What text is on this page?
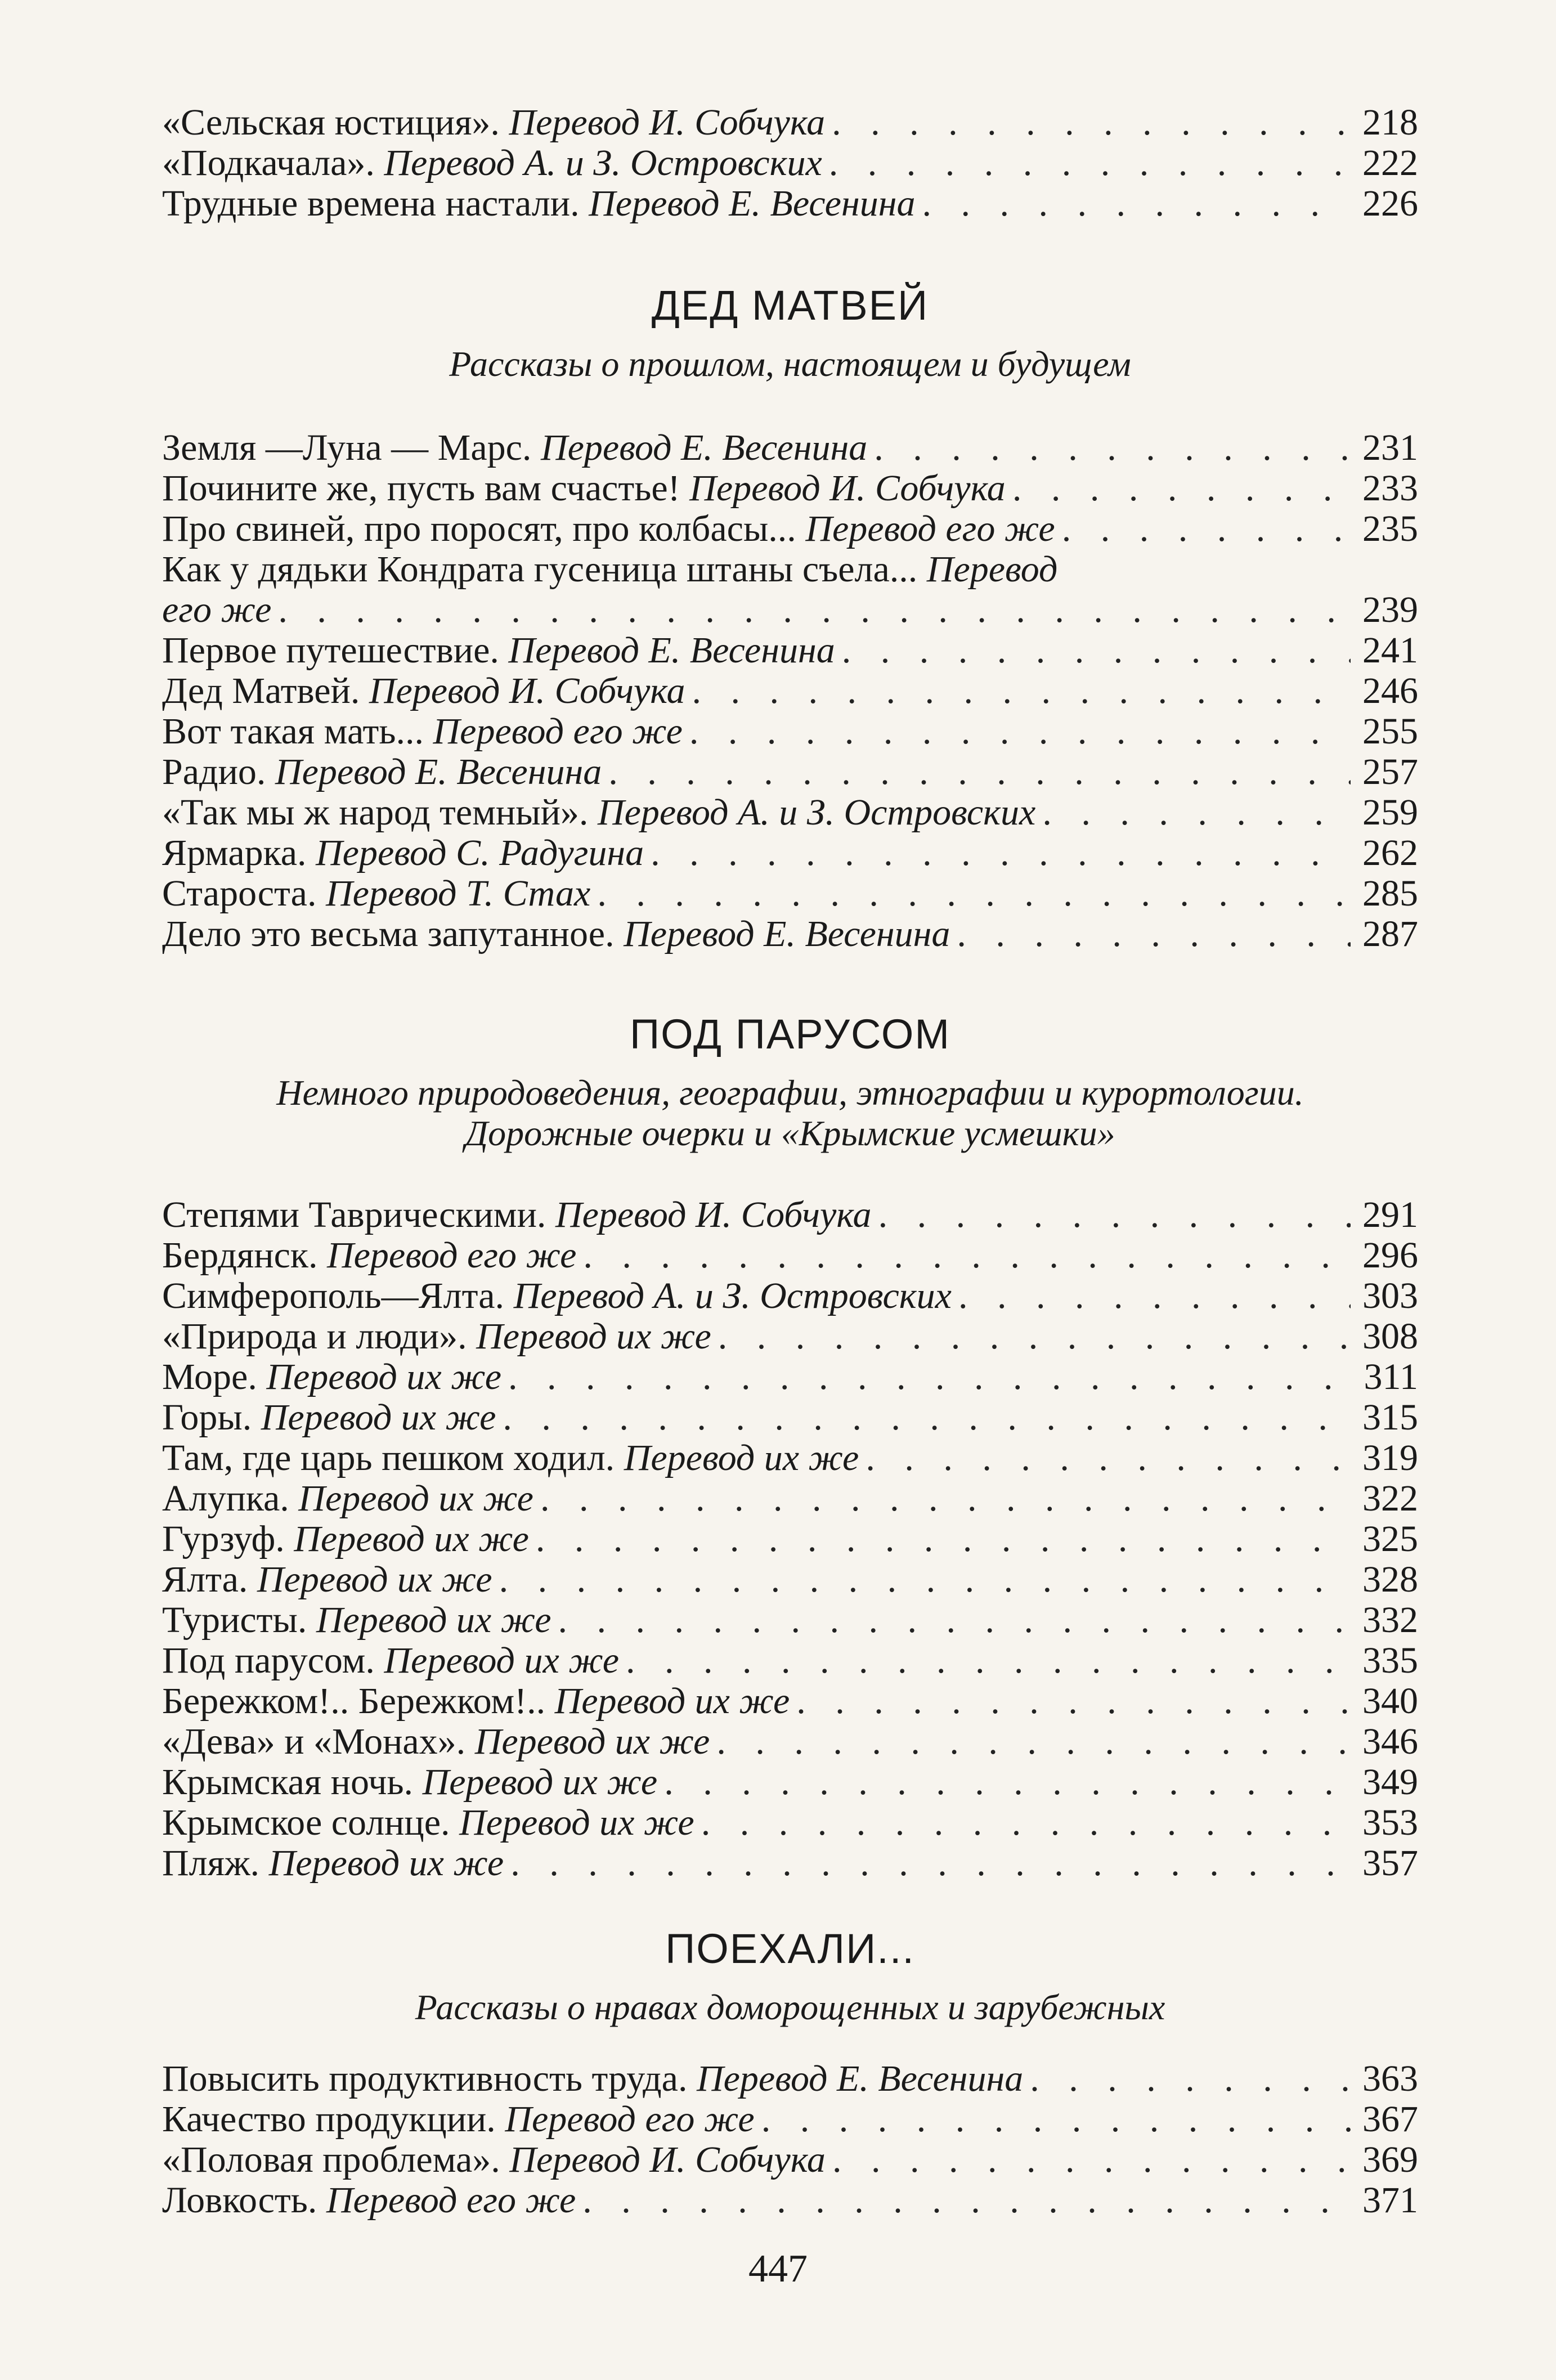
«Сельская юстиция». Перевод И. Собчука . . .	218
«Подкачала». Перевод А. и З. Островских . . .	222
Трудные времена настали. Перевод Е. Весенина . . .	226
ДЕД МАТВЕЙ
Рассказы о прошлом, настоящем и будущем
Земля —Луна — Марс. Перевод Е. Весенина . . .	231
Почините же, пусть вам счастье! Перевод И. Собчука . . .	233
Про свиней, про поросят, про колбасы... Перевод его же . . .	235
Как у дядьки Кондрата гусеница штаны съела... Перевод
его же . . .	239
Первое путешествие. Перевод Е. Весенина . . .	241
Дед Матвей. Перевод И. Собчука . . .	246
Вот такая мать... Перевод его же . . .	255
Радио. Перевод Е. Весенина . . .	257
«Так мы ж народ темный». Перевод А. и З. Островских . . .	259
Ярмарка. Перевод С. Радугина . . .	262
Староста. Перевод Т. Стах . . .	285
Дело это весьма запутанное. Перевод Е. Весенина . . .	287
ПОД ПАРУСОМ
Немного природоведения, географии, этнографии и курортологии.
Дорожные очерки и «Крымские усмешки»
Степями Таврическими. Перевод И. Собчука . . .	291
Бердянск. Перевод его же . . .	296
Симферополь—Ялта. Перевод А. и З. Островских . . .	303
«Природа и люди». Перевод их же . . .	308
Море. Перевод их же . . .	311
Горы. Перевод их же . . .	315
Там, где царь пешком ходил. Перевод их же . . .	319
Алупка. Перевод их же . . .	322
Гурзуф. Перевод их же . . .	325
Ялта. Перевод их же . . .	328
Туристы. Перевод их же . . .	332
Под парусом. Перевод их же . . .	335
Бережком!.. Бережком!.. Перевод их же . . .	340
«Дева» и «Монах». Перевод их же . . .	346
Крымская ночь. Перевод их же . . .	349
Крымское солнце. Перевод их же . . .	353
Пляж. Перевод их же . . .	357
ПОЕХАЛИ...
Рассказы о нравах доморощенных и зарубежных
Повысить продуктивность труда. Перевод Е. Весенина . . .	363
Качество продукции. Перевод его же . . .	367
«Половая проблема». Перевод И. Собчука . . .	369
Ловкость. Перевод его же . . .	371
447
